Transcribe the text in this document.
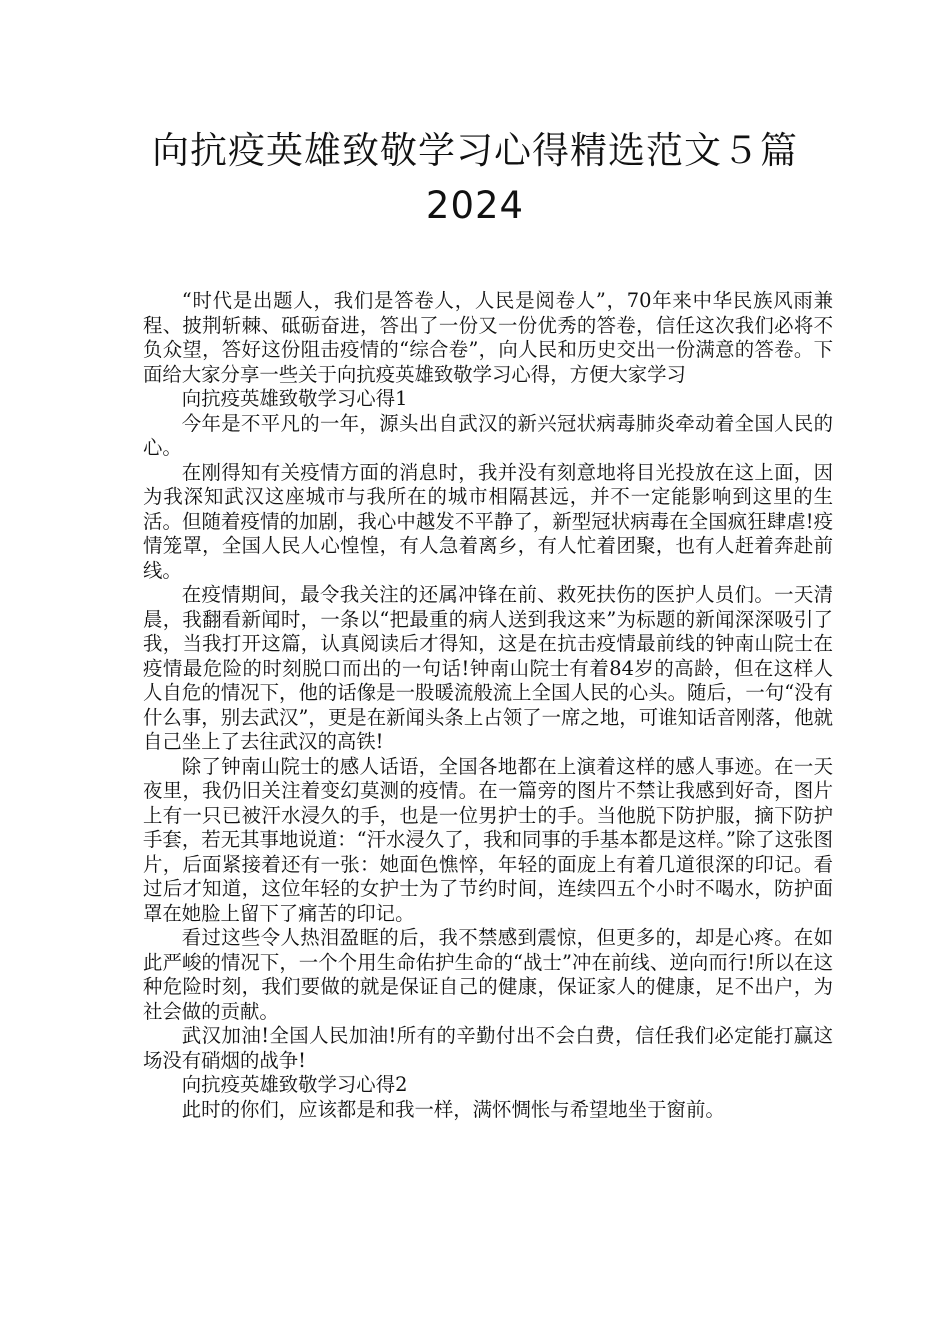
向抗疫英雄致敬学习心得精选范文５篇
2024

“时代是出题人，我们是答卷人，人民是阅卷人”，70年来中华民族风雨兼程、披荆斩棘、砥砺奋进，答出了一份又一份优秀的答卷，信任这次我们必将不负众望，答好这份阻击疫情的“综合卷”，向人民和历史交出一份满意的答卷。下面给大家分享一些关于向抗疫英雄致敬学习心得，方便大家学习

向抗疫英雄致敬学习心得1

今年是不平凡的一年，源头出自武汉的新兴冠状病毒肺炎牵动着全国人民的心。

在刚得知有关疫情方面的消息时，我并没有刻意地将目光投放在这上面，因为我深知武汉这座城市与我所在的城市相隔甚远，并不一定能影响到这里的生活。但随着疫情的加剧，我心中越发不平静了，新型冠状病毒在全国疯狂肆虐!疫情笼罩，全国人民人心惶惶，有人急着离乡，有人忙着团聚，也有人赶着奔赴前线。

在疫情期间，最令我关注的还属冲锋在前、救死扶伤的医护人员们。一天清晨，我翻看新闻时，一条以“把最重的病人送到我这来”为标题的新闻深深吸引了我，当我打开这篇，认真阅读后才得知，这是在抗击疫情最前线的钟南山院士在疫情最危险的时刻脱口而出的一句话!钟南山院士有着84岁的高龄，但在这样人人自危的情况下，他的话像是一股暖流般流上全国人民的心头。随后，一句“没有什么事，别去武汉”，更是在新闻头条上占领了一席之地，可谁知话音刚落，他就自己坐上了去往武汉的高铁!

除了钟南山院士的感人话语，全国各地都在上演着这样的感人事迹。在一天夜里，我仍旧关注着变幻莫测的疫情。在一篇旁的图片不禁让我感到好奇，图片上有一只已被汗水浸久的手，也是一位男护士的手。当他脱下防护服，摘下防护手套，若无其事地说道：“汗水浸久了，我和同事的手基本都是这样。”除了这张图片，后面紧接着还有一张：她面色憔悴，年轻的面庞上有着几道很深的印记。看过后才知道，这位年轻的女护士为了节约时间，连续四五个小时不喝水，防护面罩在她脸上留下了痛苦的印记。

看过这些令人热泪盈眶的后，我不禁感到震惊，但更多的，却是心疼。在如此严峻的情况下，一个个用生命佑护生命的“战士”冲在前线、逆向而行!所以在这种危险时刻，我们要做的就是保证自己的健康，保证家人的健康，足不出户，为社会做的贡献。

武汉加油!全国人民加油!所有的辛勤付出不会白费，信任我们必定能打赢这场没有硝烟的战争!

向抗疫英雄致敬学习心得2

此时的你们，应该都是和我一样，满怀惆怅与希望地坐于窗前。
